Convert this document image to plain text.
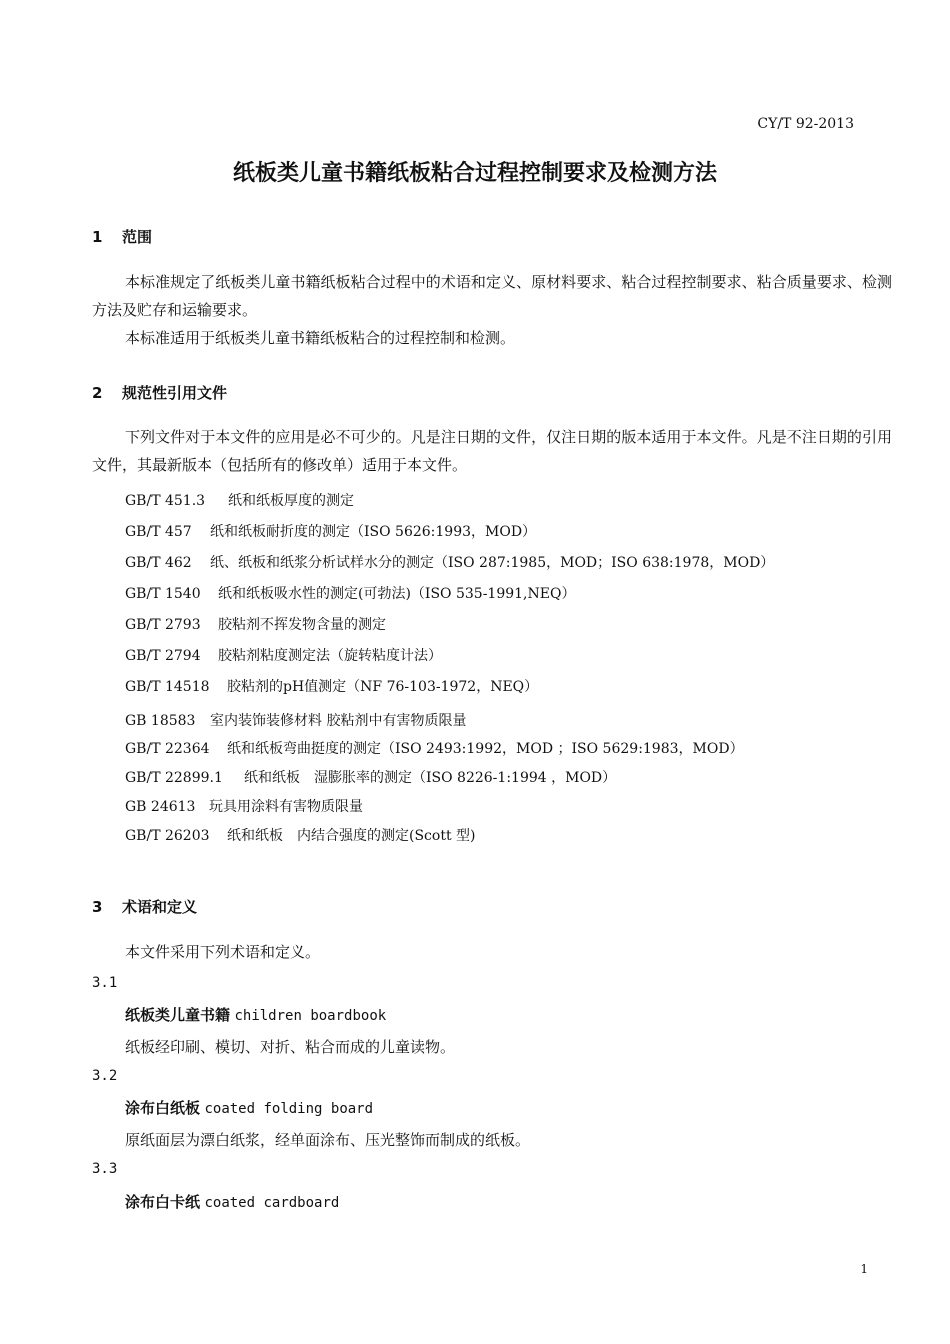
CY/T 92-2013
纸板类儿童书籍纸板粘合过程控制要求及检测方法
1 范围

本标准规定了纸板类儿童书籍纸板粘合过程中的术语和定义、原材料要求、粘合过程控制要求、粘合质量要求、检测方法及贮存和运输要求。

本标准适用于纸板类儿童书籍纸板粘合的过程控制和检测。

2 规范性引用文件

下列文件对于本文件的应用是必不可少的。凡是注日期的文件，仅注日期的版本适用于本文件。凡是不注日期的引用文件，其最新版本（包括所有的修改单）适用于本文件。

GB/T 451.3 纸和纸板厚度的测定
GB/T 457 纸和纸板耐折度的测定（ISO 5626:1993，MOD）
GB/T 462 纸、纸板和纸浆分析试样水分的测定（ISO 287:1985，MOD；ISO 638:1978，MOD）
GB/T 1540 纸和纸板吸水性的测定(可勃法)（ISO 535-1991,NEQ）
GB/T 2793 胶粘剂不挥发物含量的测定
GB/T 2794 胶粘剂粘度测定法（旋转粘度计法）
GB/T 14518 胶粘剂的pH值测定（NF 76-103-1972，NEQ）
GB 18583 室内装饰装修材料 胶粘剂中有害物质限量
GB/T 22364 纸和纸板弯曲挺度的测定（ISO 2493:1992，MOD ；ISO 5629:1983，MOD）
GB/T 22899.1 纸和纸板　湿膨胀率的测定（ISO 8226-1:1994 ，MOD）
GB 24613 玩具用涂料有害物质限量
GB/T 26203 纸和纸板　内结合强度的测定(Scott 型)
3 术语和定义
本文件采用下列术语和定义。
3.1
纸板类儿童书籍 children boardbook
纸板经印刷、模切、对折、粘合而成的儿童读物。
3.2
涂布白纸板 coated folding board
原纸面层为漂白纸浆，经单面涂布、压光整饰而制成的纸板。
3.3
涂布白卡纸 coated cardboard
1
